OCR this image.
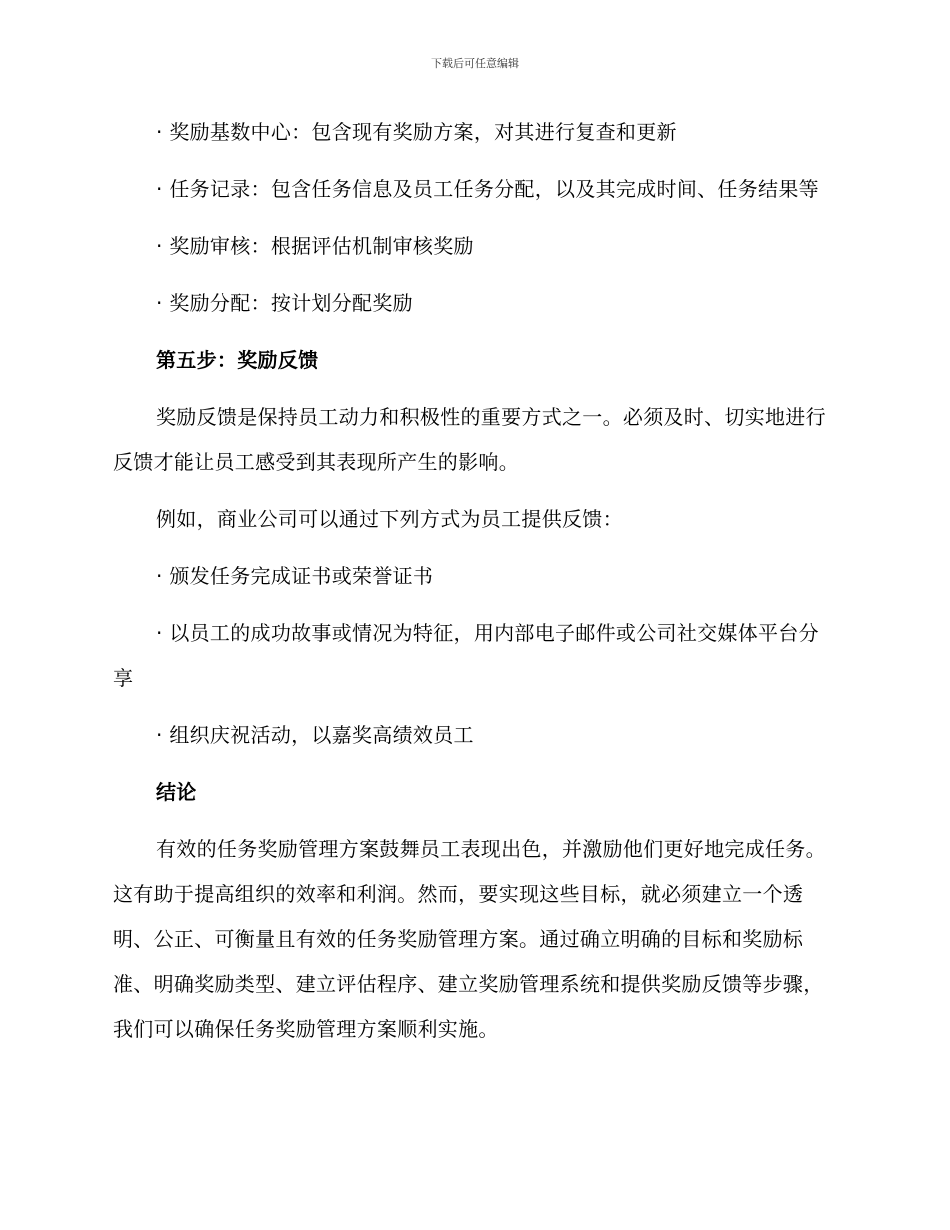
下载后可任意编辑

· 奖励基数中心：包含现有奖励方案，对其进行复查和更新

· 任务记录：包含任务信息及员工任务分配，以及其完成时间、任务结果等

· 奖励审核：根据评估机制审核奖励

· 奖励分配：按计划分配奖励

第五步：奖励反馈

奖励反馈是保持员工动力和积极性的重要方式之一。必须及时、切实地进行反馈才能让员工感受到其表现所产生的影响。

例如，商业公司可以通过下列方式为员工提供反馈：

· 颁发任务完成证书或荣誉证书

· 以员工的成功故事或情况为特征，用内部电子邮件或公司社交媒体平台分享

· 组织庆祝活动，以嘉奖高绩效员工

结论

有效的任务奖励管理方案鼓舞员工表现出色，并激励他们更好地完成任务。这有助于提高组织的效率和利润。然而，要实现这些目标，就必须建立一个透明、公正、可衡量且有效的任务奖励管理方案。通过确立明确的目标和奖励标准、明确奖励类型、建立评估程序、建立奖励管理系统和提供奖励反馈等步骤，我们可以确保任务奖励管理方案顺利实施。
